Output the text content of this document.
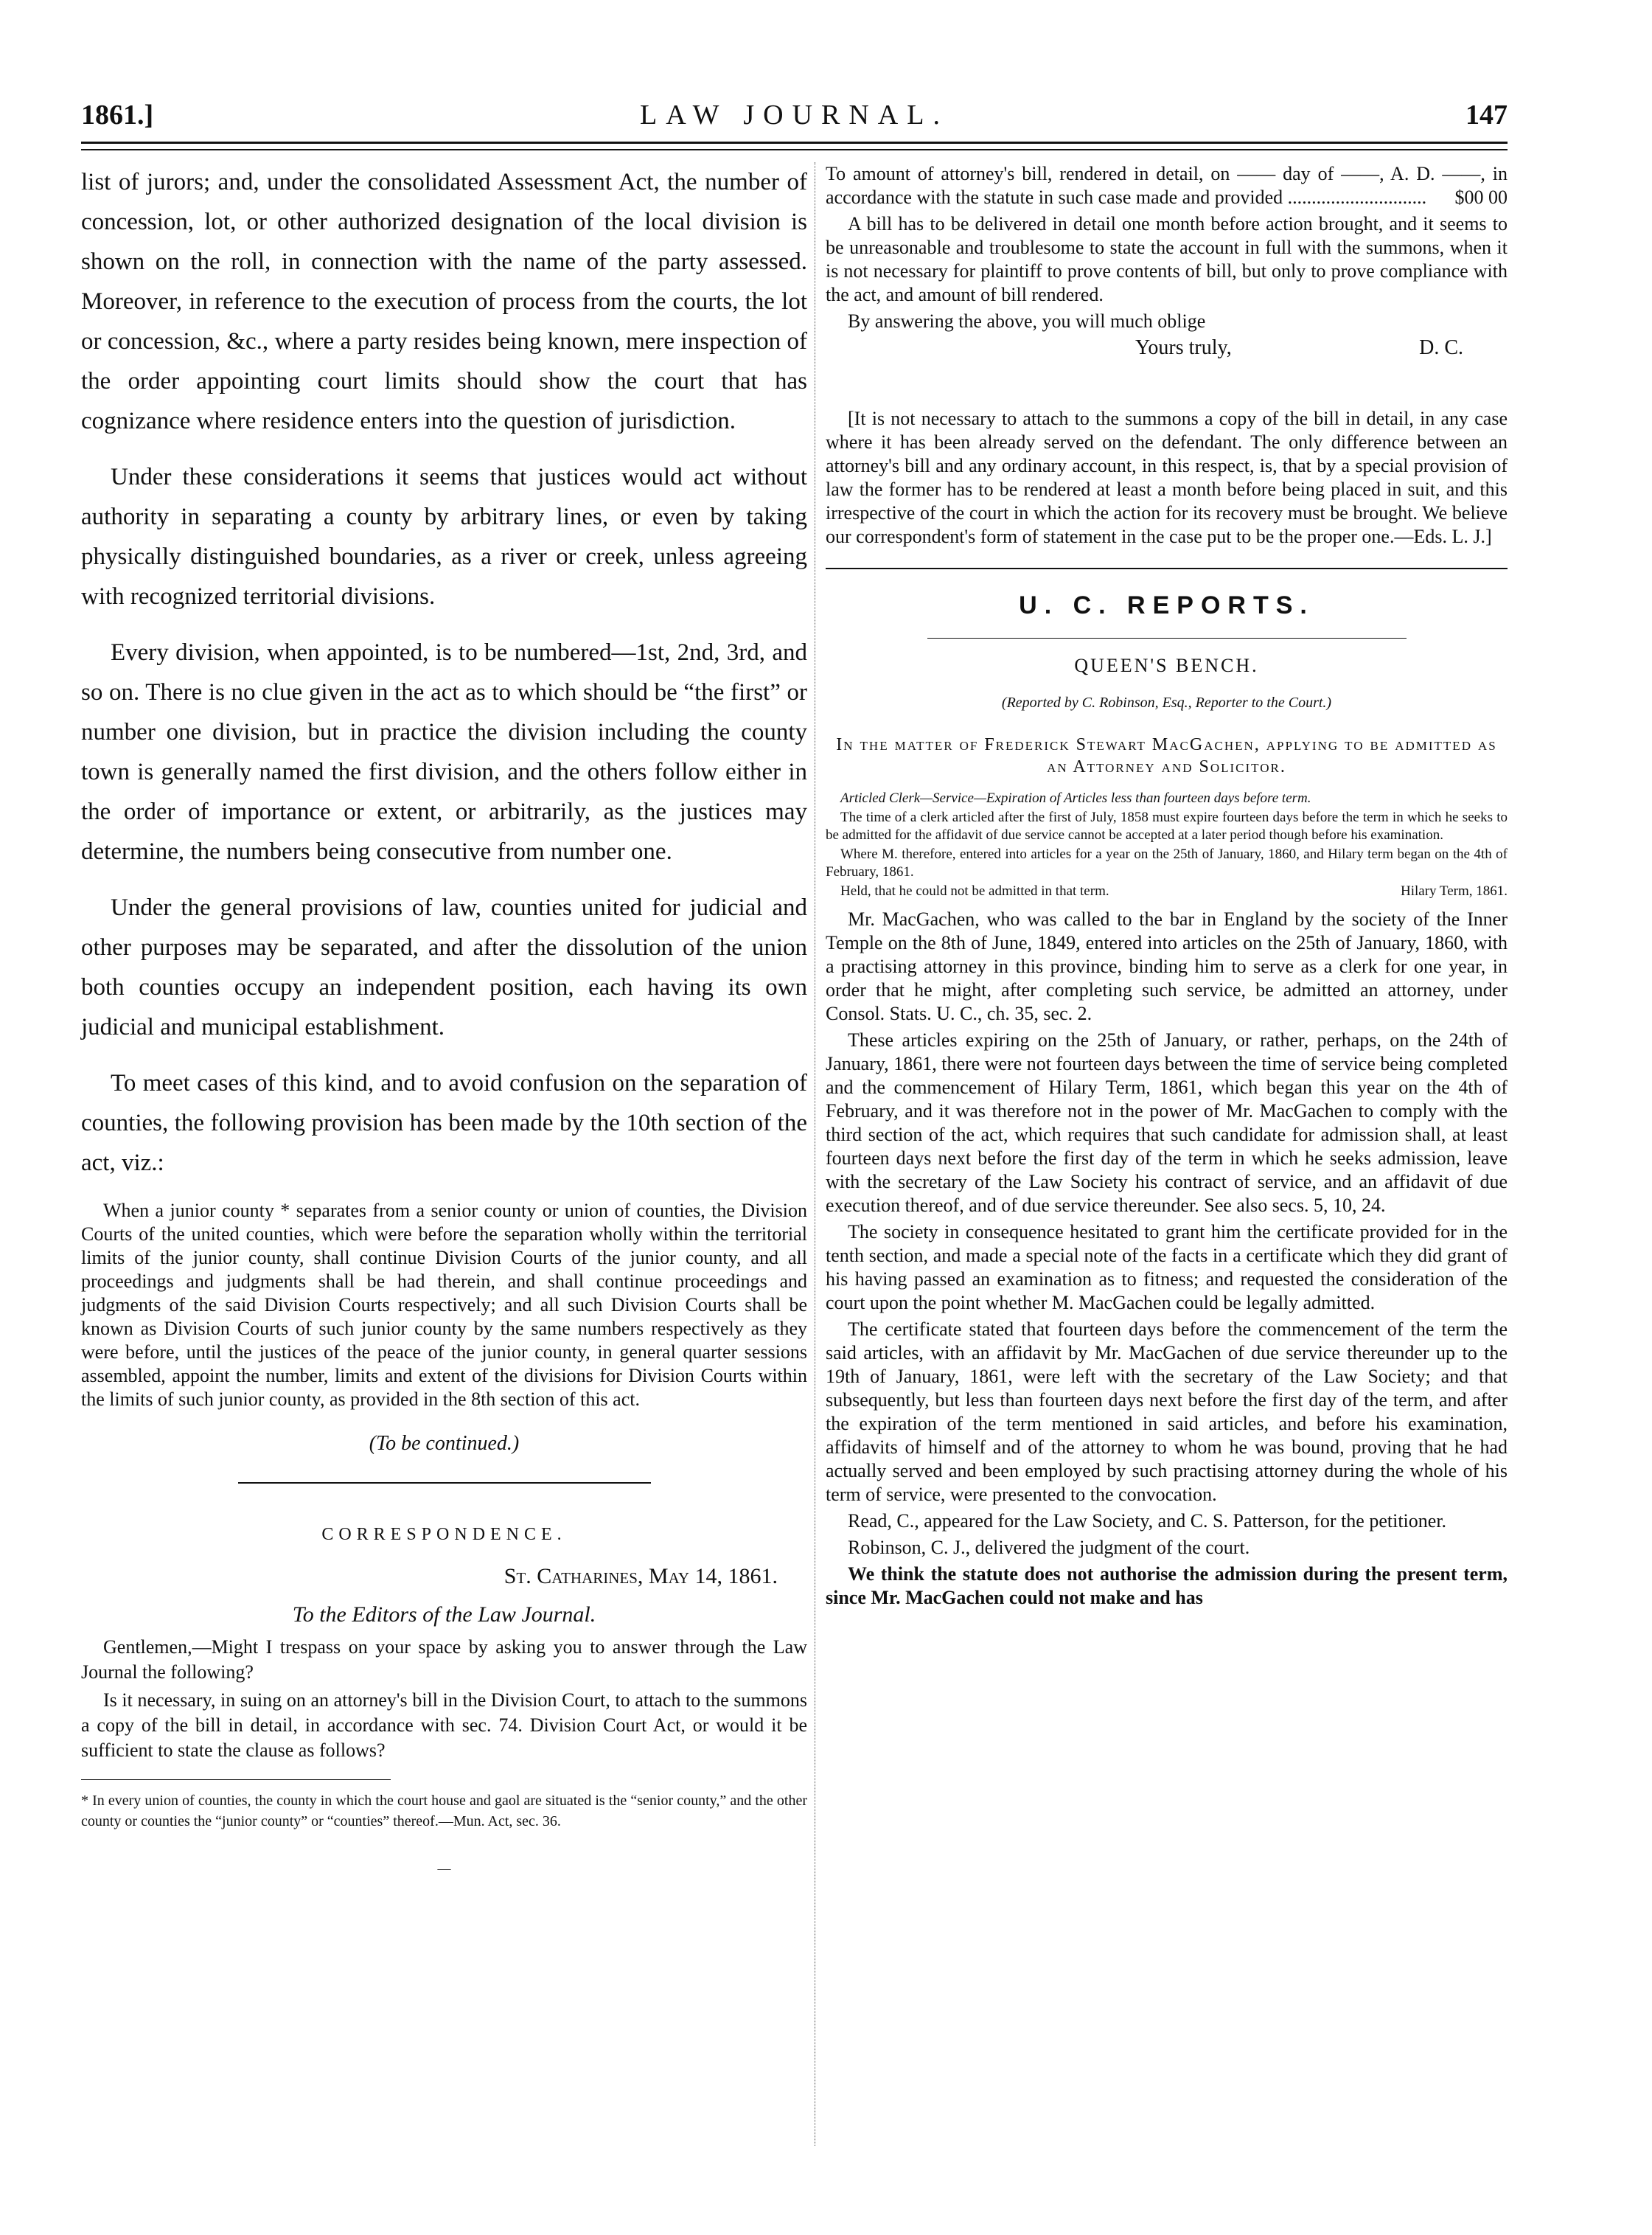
1861.]	LAW JOURNAL.	147

list of jurors; and, under the consolidated Assessment Act, the number of concession, lot, or other authorized designation of the local division is shown on the roll, in connection with the name of the party assessed. Moreover, in reference to the execution of process from the courts, the lot or concession, &c., where a party resides being known, mere inspection of the order appointing court limits should show the court that has cognizance where residence enters into the question of jurisdiction.

Under these considerations it seems that justices would act without authority in separating a county by arbitrary lines, or even by taking physically distinguished boundaries, as a river or creek, unless agreeing with recognized territorial divisions.

Every division, when appointed, is to be numbered—1st, 2nd, 3rd, and so on. There is no clue given in the act as to which should be “the first” or number one division, but in practice the division including the county town is generally named the first division, and the others follow either in the order of importance or extent, or arbitrarily, as the justices may determine, the numbers being consecutive from number one.

Under the general provisions of law, counties united for judicial and other purposes may be separated, and after the dissolution of the union both counties occupy an independent position, each having its own judicial and municipal establishment.

To meet cases of this kind, and to avoid confusion on the separation of counties, the following provision has been made by the 10th section of the act, viz.:

When a junior county * separates from a senior county or union of counties, the Division Courts of the united counties, which were before the separation wholly within the territorial limits of the junior county, shall continue Division Courts of the junior county, and all proceedings and judgments shall be had therein, and shall continue proceedings and judgments of the said Division Courts respectively; and all such Division Courts shall be known as Division Courts of such junior county by the same numbers respectively as they were before, until the justices of the peace of the junior county, in general quarter sessions assembled, appoint the number, limits and extent of the divisions for Division Courts within the limits of such junior county, as provided in the 8th section of this act.

(To be continued.)
CORRESPONDENCE.
St. Catharines, May 14, 1861.
To the Editors of the Law Journal.

Gentlemen,—Might I trespass on your space by asking you to answer through the Law Journal the following?

Is it necessary, in suing on an attorney's bill in the Division Court, to attach to the summons a copy of the bill in detail, in accordance with sec. 74. Division Court Act, or would it be sufficient to state the clause as follows?

* In every union of counties, the county in which the court house and gaol are situated is the “senior county,” and the other county or counties the “junior county” or “counties” thereof.—Mun. Act, sec. 36.

—

To amount of attorney's bill, rendered in detail, on —— day of ——, A. D. ——, in accordance with the statute in such case made and provided ............................. $00 00

A bill has to be delivered in detail one month before action brought, and it seems to be unreasonable and troublesome to state the account in full with the summons, when it is not necessary for plaintiff to prove contents of bill, but only to prove compliance with the act, and amount of bill rendered.

By answering the above, you will much oblige

Yours truly,	D. C.

[It is not necessary to attach to the summons a copy of the bill in detail, in any case where it has been already served on the defendant. The only difference between an attorney's bill and any ordinary account, in this respect, is, that by a special provision of law the former has to be rendered at least a month before being placed in suit, and this irrespective of the court in which the action for its recovery must be brought. We believe our correspondent's form of statement in the case put to be the proper one.—Eds. L. J.]

U. C. REPORTS.
QUEEN'S BENCH.
(Reported by C. Robinson, Esq., Reporter to the Court.)

In the matter of Frederick Stewart MacGachen, applying to be admitted as an Attorney and Solicitor.

Articled Clerk—Service—Expiration of Articles less than fourteen days before term.

The time of a clerk articled after the first of July, 1858 must expire fourteen days before the term in which he seeks to be admitted for the affidavit of due service cannot be accepted at a later period though before his examination.

Where M. therefore, entered into articles for a year on the 25th of January, 1860, and Hilary term began on the 4th of February, 1861.

Held, that he could not be admitted in that term.	Hilary Term, 1861.

Mr. MacGachen, who was called to the bar in England by the society of the Inner Temple on the 8th of June, 1849, entered into articles on the 25th of January, 1860, with a practising attorney in this province, binding him to serve as a clerk for one year, in order that he might, after completing such service, be admitted an attorney, under Consol. Stats. U. C., ch. 35, sec. 2.

These articles expiring on the 25th of January, or rather, perhaps, on the 24th of January, 1861, there were not fourteen days between the time of service being completed and the commencement of Hilary Term, 1861, which began this year on the 4th of February, and it was therefore not in the power of Mr. MacGachen to comply with the third section of the act, which requires that such candidate for admission shall, at least fourteen days next before the first day of the term in which he seeks admission, leave with the secretary of the Law Society his contract of service, and an affidavit of due execution thereof, and of due service thereunder. See also secs. 5, 10, 24.

The society in consequence hesitated to grant him the certificate provided for in the tenth section, and made a special note of the facts in a certificate which they did grant of his having passed an examination as to fitness; and requested the consideration of the court upon the point whether M. MacGachen could be legally admitted.

The certificate stated that fourteen days before the commencement of the term the said articles, with an affidavit by Mr. MacGachen of due service thereunder up to the 19th of January, 1861, were left with the secretary of the Law Society; and that subsequently, but less than fourteen days next before the first day of the term, and after the expiration of the term mentioned in said articles, and before his examination, affidavits of himself and of the attorney to whom he was bound, proving that he had actually served and been employed by such practising attorney during the whole of his term of service, were presented to the convocation.

Read, C., appeared for the Law Society, and C. S. Patterson, for the petitioner.

Robinson, C. J., delivered the judgment of the court.

We think the statute does not authorise the admission during the present term, since Mr. MacGachen could not make and has
